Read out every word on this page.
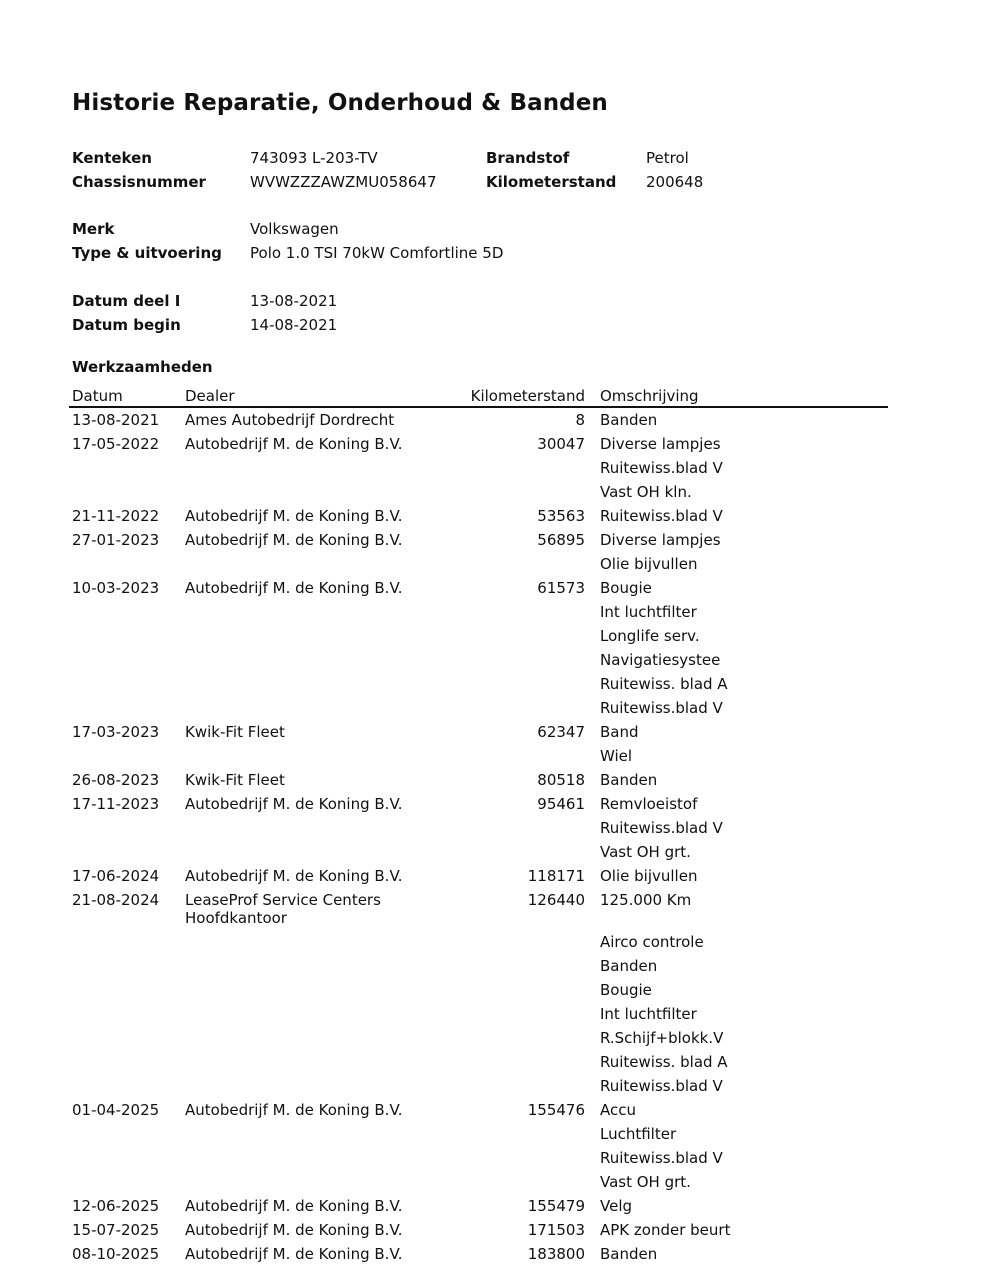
Historie Reparatie, Onderhoud & Banden
Kenteken	743093 L-203-TV	Brandstof	Petrol
Chassisnummer	WVWZZZAWZMU058647	Kilometerstand 200648
Merk	Volkswagen
Type & uitvoering Polo 1.0 TSI 70kW Comfortline 5D
Datum deel I	13-08-2021
Datum begin	14-08-2021
Werkzaamheden
Datum	Dealer	Kilometerstand Omschrijving
13-08-2021 Ames Autobedrijf Dordrecht	8 Banden
17-05-2022 Autobedrijf M. de Koning B.V.	30047 Diverse lampjes
Ruitewiss.blad V
Vast OH kln.
21-11-2022 Autobedrijf M. de Koning B.V.	53563 Ruitewiss.blad V
27-01-2023 Autobedrijf M. de Koning B.V.	56895 Diverse lampjes
Olie bijvullen
10-03-2023 Autobedrijf M. de Koning B.V.	61573 Bougie
Int luchtfilter
Longlife serv.
Navigatiesystee
Ruitewiss. blad A
Ruitewiss.blad V
17-03-2023 Kwik-Fit Fleet	62347 Band
Wiel
26-08-2023 Kwik-Fit Fleet	80518 Banden
17-11-2023 Autobedrijf M. de Koning B.V.	95461 Remvloeistof
Ruitewiss.blad V
Vast OH grt.
17-06-2024 Autobedrijf M. de Koning B.V.	118171 Olie bijvullen
21-08-2024 LeaseProf Service Centers Hoofdkantoor
126440 125.000 Km
Airco controle
Banden
Bougie
Int luchtfilter
R.Schijf+blokk.V
Ruitewiss. blad A
Ruitewiss.blad V
01-04-2025 Autobedrijf M. de Koning B.V.	155476 Accu
Luchtfilter
Ruitewiss.blad V
Vast OH grt.
12-06-2025 Autobedrijf M. de Koning B.V.	155479 Velg
15-07-2025 Autobedrijf M. de Koning B.V.	171503 APK zonder beurt
08-10-2025 Autobedrijf M. de Koning B.V.	183800 Banden
